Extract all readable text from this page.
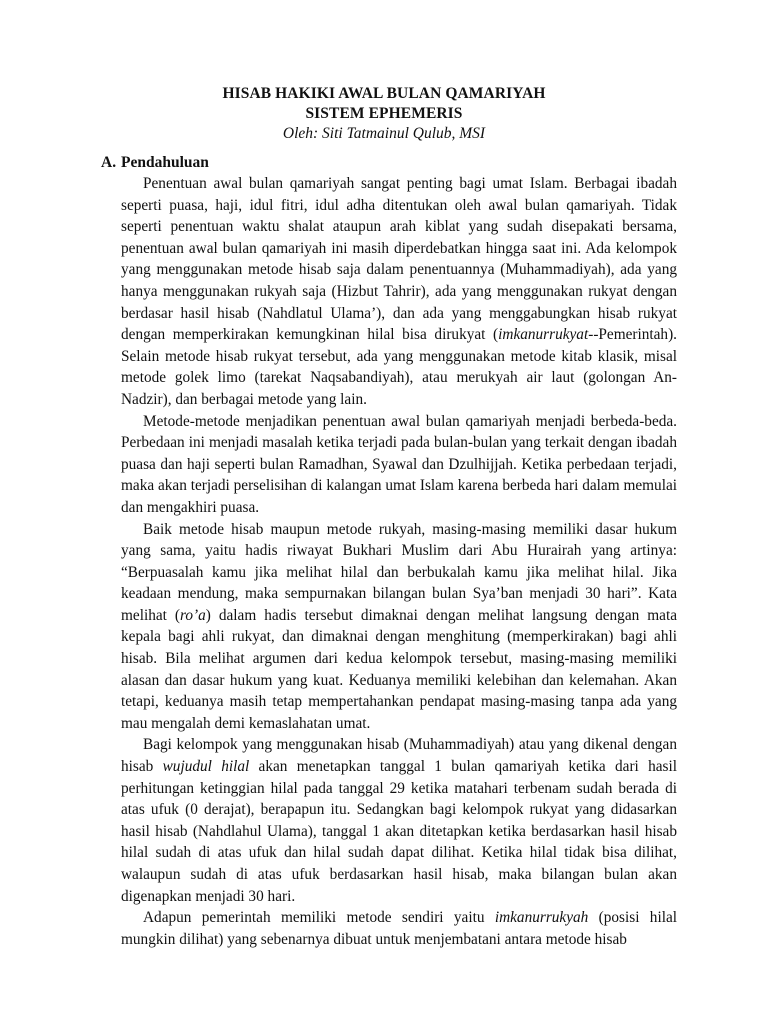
HISAB HAKIKI AWAL BULAN QAMARIYAH
SISTEM EPHEMERIS
Oleh: Siti Tatmainul Qulub, MSI
A. Pendahuluan

Penentuan awal bulan qamariyah sangat penting bagi umat Islam. Berbagai ibadah seperti puasa, haji, idul fitri, idul adha ditentukan oleh awal bulan qamariyah. Tidak seperti penentuan waktu shalat ataupun arah kiblat yang sudah disepakati bersama, penentuan awal bulan qamariyah ini masih diperdebatkan hingga saat ini. Ada kelompok yang menggunakan metode hisab saja dalam penentuannya (Muhammadiyah), ada yang hanya menggunakan rukyah saja (Hizbut Tahrir), ada yang menggunakan rukyat dengan berdasar hasil hisab (Nahdlatul Ulama’), dan ada yang menggabungkan hisab rukyat dengan memperkirakan kemungkinan hilal bisa dirukyat (imkanurrukyat--Pemerintah). Selain metode hisab rukyat tersebut, ada yang menggunakan metode kitab klasik, misal metode golek limo (tarekat Naqsabandiyah), atau merukyah air laut (golongan An-Nadzir), dan berbagai metode yang lain.

Metode-metode menjadikan penentuan awal bulan qamariyah menjadi berbeda-beda. Perbedaan ini menjadi masalah ketika terjadi pada bulan-bulan yang terkait dengan ibadah puasa dan haji seperti bulan Ramadhan, Syawal dan Dzulhijjah. Ketika perbedaan terjadi, maka akan terjadi perselisihan di kalangan umat Islam karena berbeda hari dalam memulai dan mengakhiri puasa.

Baik metode hisab maupun metode rukyah, masing-masing memiliki dasar hukum yang sama, yaitu hadis riwayat Bukhari Muslim dari Abu Hurairah yang artinya: “Berpuasalah kamu jika melihat hilal dan berbukalah kamu jika melihat hilal. Jika keadaan mendung, maka sempurnakan bilangan bulan Sya’ban menjadi 30 hari”. Kata melihat (ro’a) dalam hadis tersebut dimaknai dengan melihat langsung dengan mata kepala bagi ahli rukyat, dan dimaknai dengan menghitung (memperkirakan) bagi ahli hisab. Bila melihat argumen dari kedua kelompok tersebut, masing-masing memiliki alasan dan dasar hukum yang kuat. Keduanya memiliki kelebihan dan kelemahan. Akan tetapi, keduanya masih tetap mempertahankan pendapat masing-masing tanpa ada yang mau mengalah demi kemaslahatan umat.

Bagi kelompok yang menggunakan hisab (Muhammadiyah) atau yang dikenal dengan hisab wujudul hilal akan menetapkan tanggal 1 bulan qamariyah ketika dari hasil perhitungan ketinggian hilal pada tanggal 29 ketika matahari terbenam sudah berada di atas ufuk (0 derajat), berapapun itu. Sedangkan bagi kelompok rukyat yang didasarkan hasil hisab (Nahdlahul Ulama), tanggal 1 akan ditetapkan ketika berdasarkan hasil hisab hilal sudah di atas ufuk dan hilal sudah dapat dilihat. Ketika hilal tidak bisa dilihat, walaupun sudah di atas ufuk berdasarkan hasil hisab, maka bilangan bulan akan digenapkan menjadi 30 hari.

Adapun pemerintah memiliki metode sendiri yaitu imkanurrukyah (posisi hilal mungkin dilihat) yang sebenarnya dibuat untuk menjembatani antara metode hisab
